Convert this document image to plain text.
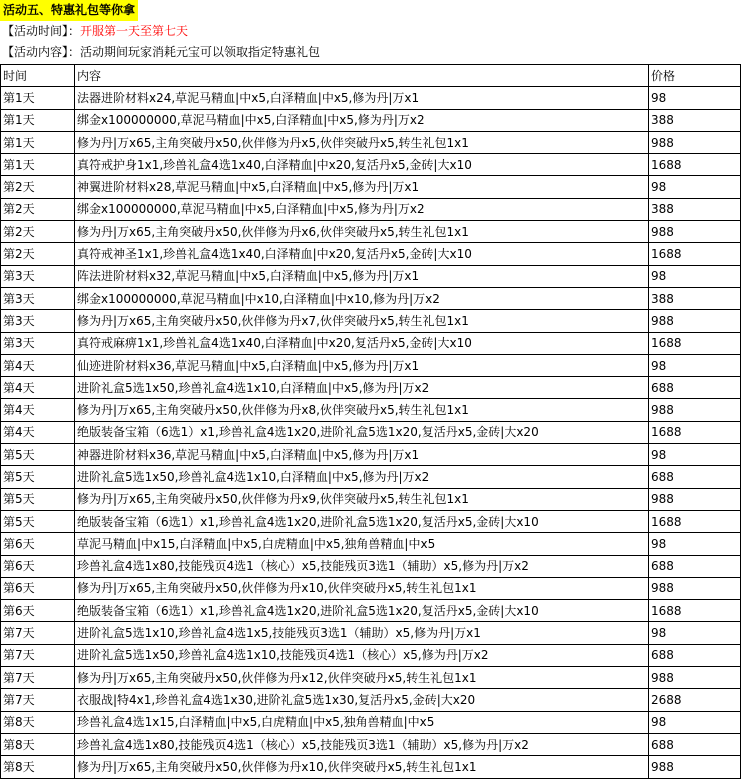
活动五、特惠礼包等你拿
【活动时间】：开服第一天至第七天
【活动内容】：活动期间玩家消耗元宝可以领取指定特惠礼包
时间	内容	价格
第1天	法器进阶材料x24,草泥马精血|中x5,白泽精血|中x5,修为丹|万x1	98
第1天	绑金x100000000,草泥马精血|中x5,白泽精血|中x5,修为丹|万x2	388
第1天	修为丹|万x65,主角突破丹x50,伙伴修为丹x5,伙伴突破丹x5,转生礼包1x1	988
第1天	真符戒护身1x1,珍兽礼盒4选1x40,白泽精血|中x20,复活丹x5,金砖|大x10	1688
第2天	神翼进阶材料x28,草泥马精血|中x5,白泽精血|中x5,修为丹|万x1	98
第2天	绑金x100000000,草泥马精血|中x5,白泽精血|中x5,修为丹|万x2	388
第2天	修为丹|万x65,主角突破丹x50,伙伴修为丹x6,伙伴突破丹x5,转生礼包1x1	988
第2天	真符戒神圣1x1,珍兽礼盒4选1x40,白泽精血|中x20,复活丹x5,金砖|大x10	1688
第3天	阵法进阶材料x32,草泥马精血|中x5,白泽精血|中x5,修为丹|万x1	98
第3天	绑金x100000000,草泥马精血|中x10,白泽精血|中x10,修为丹|万x2	388
第3天	修为丹|万x65,主角突破丹x50,伙伴修为丹x7,伙伴突破丹x5,转生礼包1x1	988
第3天	真符戒麻痹1x1,珍兽礼盒4选1x40,白泽精血|中x20,复活丹x5,金砖|大x10	1688
第4天	仙迹进阶材料x36,草泥马精血|中x5,白泽精血|中x5,修为丹|万x1	98
第4天	进阶礼盒5选1x50,珍兽礼盒4选1x10,白泽精血|中x5,修为丹|万x2	688
第4天	修为丹|万x65,主角突破丹x50,伙伴修为丹x8,伙伴突破丹x5,转生礼包1x1	988
第4天	绝版装备宝箱（6选1）x1,珍兽礼盒4选1x20,进阶礼盒5选1x20,复活丹x5,金砖|大x20	1688
第5天	神器进阶材料x36,草泥马精血|中x5,白泽精血|中x5,修为丹|万x1	98
第5天	进阶礼盒5选1x50,珍兽礼盒4选1x10,白泽精血|中x5,修为丹|万x2	688
第5天	修为丹|万x65,主角突破丹x50,伙伴修为丹x9,伙伴突破丹x5,转生礼包1x1	988
第5天	绝版装备宝箱（6选1）x1,珍兽礼盒4选1x20,进阶礼盒5选1x20,复活丹x5,金砖|大x10	1688
第6天	草泥马精血|中x15,白泽精血|中x5,白虎精血|中x5,独角兽精血|中x5	98
第6天	珍兽礼盒4选1x80,技能残页4选1（核心）x5,技能残页3选1（辅助）x5,修为丹|万x2	688
第6天	修为丹|万x65,主角突破丹x50,伙伴修为丹x10,伙伴突破丹x5,转生礼包1x1	988
第6天	绝版装备宝箱（6选1）x1,珍兽礼盒4选1x20,进阶礼盒5选1x20,复活丹x5,金砖|大x10	1688
第7天	进阶礼盒5选1x10,珍兽礼盒4选1x5,技能残页3选1（辅助）x5,修为丹|万x1	98
第7天	进阶礼盒5选1x50,珍兽礼盒4选1x10,技能残页4选1（核心）x5,修为丹|万x2	688
第7天	修为丹|万x65,主角突破丹x50,伙伴修为丹x12,伙伴突破丹x5,转生礼包1x1	988
第7天	衣服战|特4x1,珍兽礼盒4选1x30,进阶礼盒5选1x30,复活丹x5,金砖|大x20	2688
第8天	珍兽礼盒4选1x15,白泽精血|中x5,白虎精血|中x5,独角兽精血|中x5	98
第8天	珍兽礼盒4选1x80,技能残页4选1（核心）x5,技能残页3选1（辅助）x5,修为丹|万x2	688
第8天	修为丹|万x65,主角突破丹x50,伙伴修为丹x10,伙伴突破丹x5,转生礼包1x1	988
